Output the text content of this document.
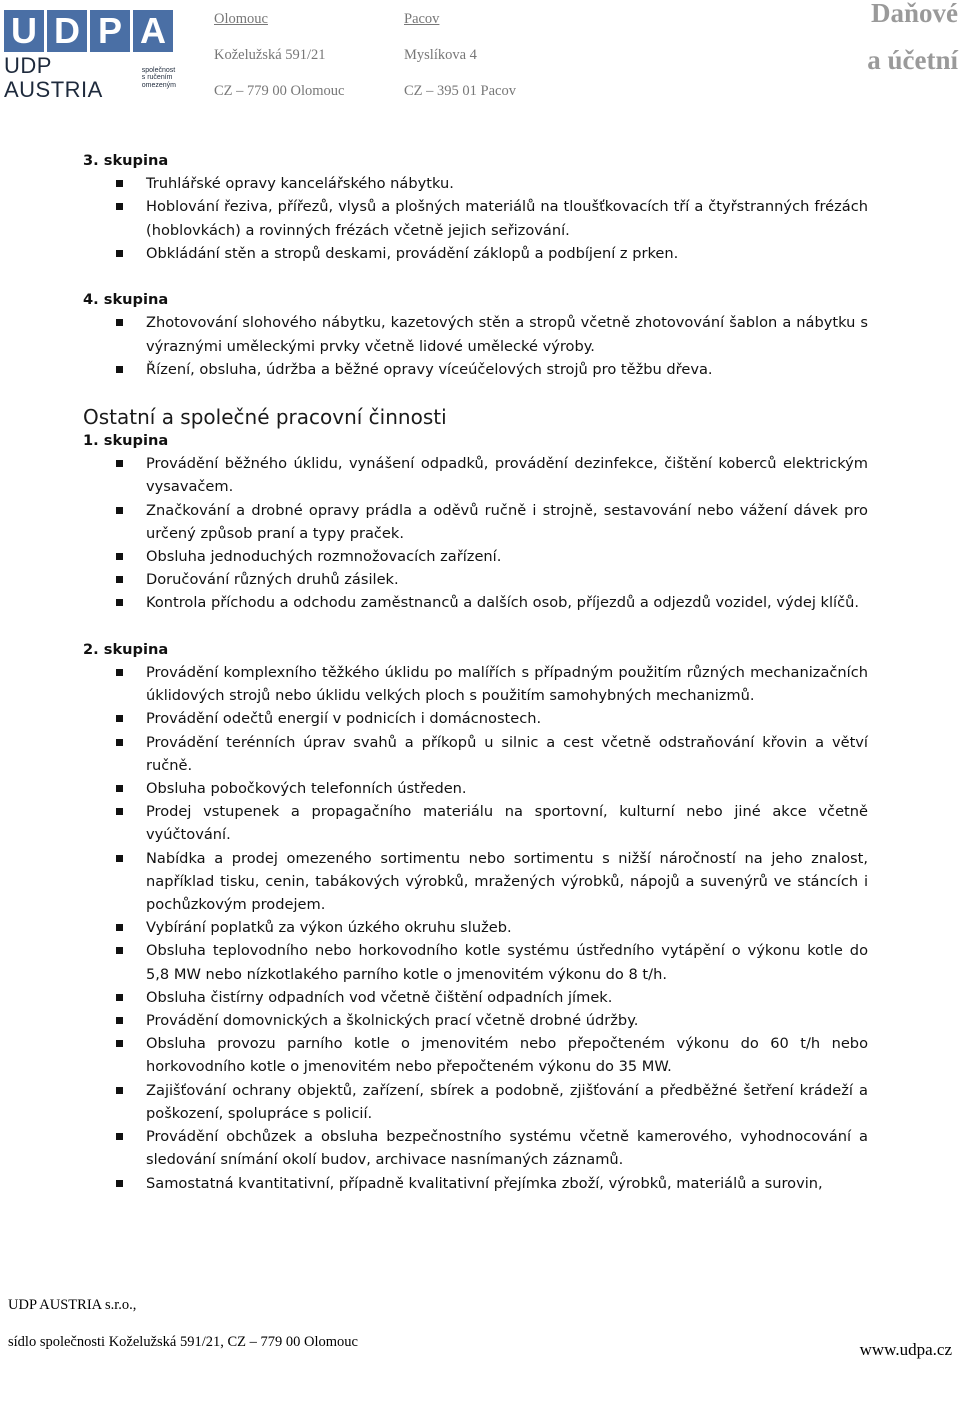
U D P A
UDP AUSTRIA
společnost
s ručením
omezeným
Olomouc
Koželužská 591/21
CZ – 779 00 Olomouc
Pacov
Myslíkova 4
CZ – 395 01 Pacov
Daňové
a účetní
3. skupina
Truhlářské opravy kancelářského nábytku.
Hoblování řeziva, přířezů, vlysů a plošných materiálů na tloušťkovacích tří a čtyřstranných frézách (hoblovkách) a rovinných frézách včetně jejich seřizování.
Obkládání stěn a stropů deskami, provádění záklopů a podbíjení z prken.
4. skupina
Zhotovování slohového nábytku, kazetových stěn a stropů včetně zhotovování šablon a nábytku s výraznými uměleckými prvky včetně lidové umělecké výroby.
Řízení, obsluha, údržba a běžné opravy víceúčelových strojů pro těžbu dřeva.
Ostatní a společné pracovní činnosti
1. skupina
Provádění běžného úklidu, vynášení odpadků, provádění dezinfekce, čištění koberců elektrickým vysavačem.
Značkování a drobné opravy prádla a oděvů ručně i strojně, sestavování nebo vážení dávek pro určený způsob praní a typy praček.
Obsluha jednoduchých rozmnožovacích zařízení.
Doručování různých druhů zásilek.
Kontrola příchodu a odchodu zaměstnanců a dalších osob, příjezdů a odjezdů vozidel, výdej klíčů.
2. skupina
Provádění komplexního těžkého úklidu po malířích s případným použitím různých mechanizačních úklidových strojů nebo úklidu velkých ploch s použitím samohybných mechanizmů.
Provádění odečtů energií v podnicích i domácnostech.
Provádění terénních úprav svahů a příkopů u silnic a cest včetně odstraňování křovin a větví ručně.
Obsluha pobočkových telefonních ústředen.
Prodej vstupenek a propagačního materiálu na sportovní, kulturní nebo jiné akce včetně vyúčtování.
Nabídka a prodej omezeného sortimentu nebo sortimentu s nižší náročností na jeho znalost, například tisku, cenin, tabákových výrobků, mražených výrobků, nápojů a suvenýrů ve stáncích i pochůzkovým prodejem.
Vybírání poplatků za výkon úzkého okruhu služeb.
Obsluha teplovodního nebo horkovodního kotle systému ústředního vytápění o výkonu kotle do 5,8 MW nebo nízkotlakého parního kotle o jmenovitém výkonu do 8 t/h.
Obsluha čistírny odpadních vod včetně čištění odpadních jímek.
Provádění domovnických a školnických prací včetně drobné údržby.
Obsluha provozu parního kotle o jmenovitém nebo přepočteném výkonu do 60 t/h nebo horkovodního kotle o jmenovitém nebo přepočteném výkonu do 35 MW.
Zajišťování ochrany objektů, zařízení, sbírek a podobně, zjišťování a předběžné šetření krádeží a poškození, spolupráce s policií.
Provádění obchůzek a obsluha bezpečnostního systému včetně kamerového, vyhodnocování a sledování snímání okolí budov, archivace nasnímaných záznamů.
Samostatná kvantitativní, případně kvalitativní přejímka zboží, výrobků, materiálů a surovin,
UDP AUSTRIA s.r.o.,
sídlo společnosti Koželužská 591/21, CZ – 779 00 Olomouc	www.udpa.cz
